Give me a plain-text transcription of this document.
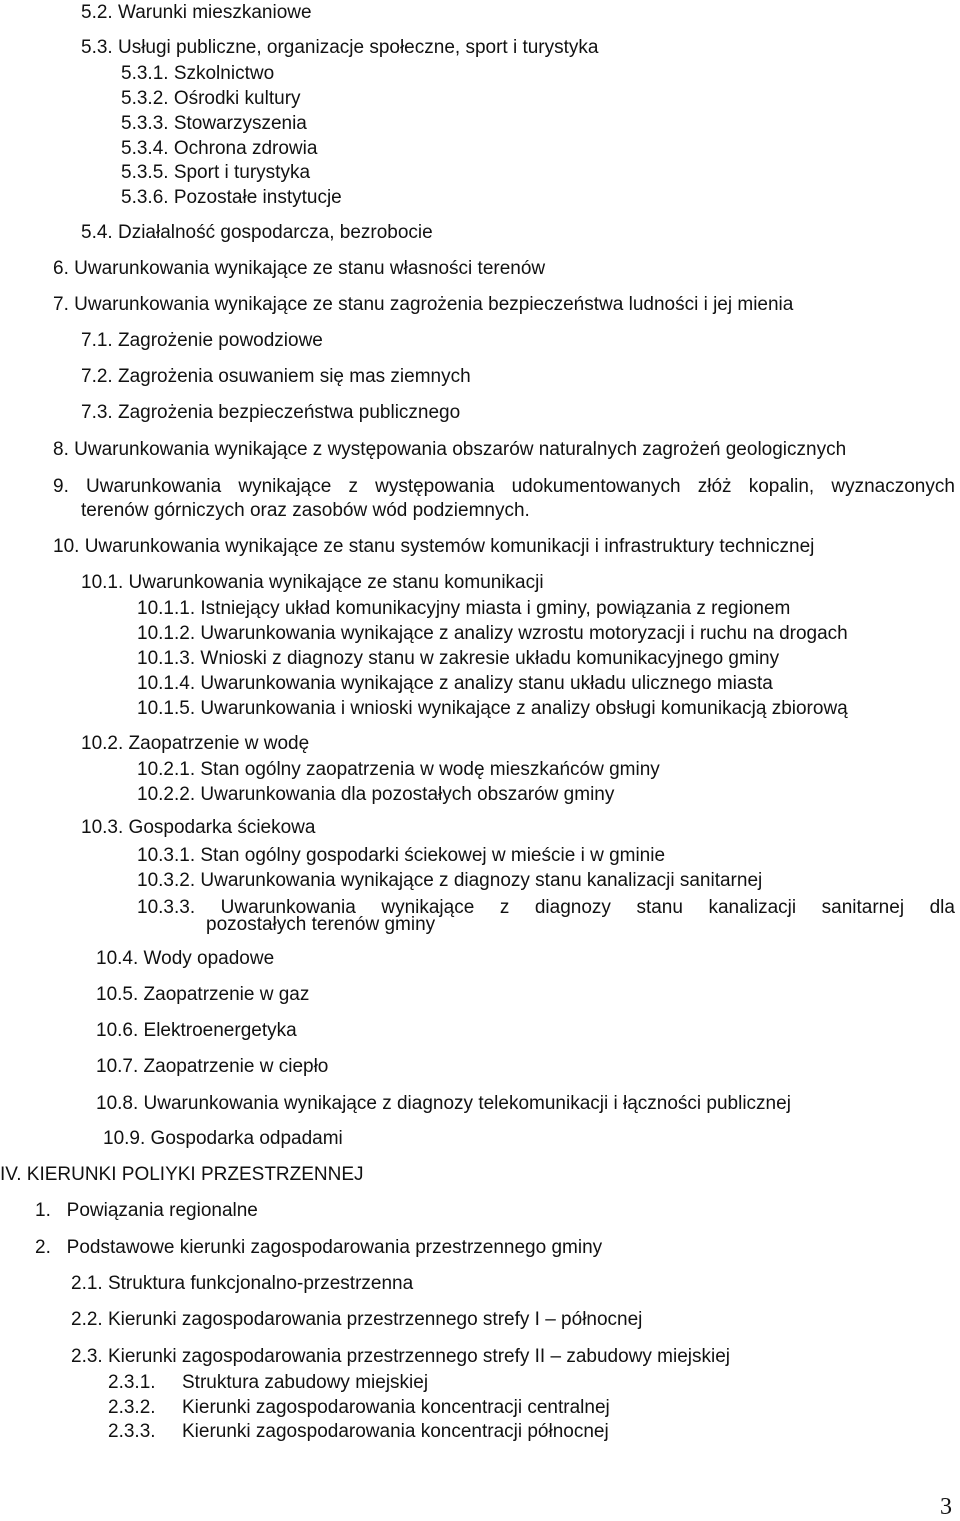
5.2. Warunki mieszkaniowe
5.3. Usługi publiczne, organizacje społeczne, sport i turystyka
5.3.1. Szkolnictwo
5.3.2. Ośrodki kultury
5.3.3. Stowarzyszenia
5.3.4. Ochrona zdrowia
5.3.5. Sport i turystyka
5.3.6. Pozostałe instytucje
5.4. Działalność gospodarcza, bezrobocie
6. Uwarunkowania wynikające ze stanu własności terenów
7. Uwarunkowania wynikające ze stanu zagrożenia bezpieczeństwa ludności i jej mienia
7.1. Zagrożenie powodziowe
7.2. Zagrożenia osuwaniem się mas ziemnych
7.3. Zagrożenia bezpieczeństwa publicznego
8. Uwarunkowania wynikające z występowania obszarów naturalnych zagrożeń geologicznych
9. Uwarunkowania wynikające z występowania udokumentowanych złóż kopalin, wyznaczonych
terenów górniczych oraz zasobów wód podziemnych.
10. Uwarunkowania wynikające ze stanu systemów komunikacji i infrastruktury technicznej
10.1. Uwarunkowania wynikające ze stanu komunikacji
10.1.1. Istniejący układ komunikacyjny miasta i gminy, powiązania z regionem
10.1.2. Uwarunkowania wynikające z analizy wzrostu motoryzacji i ruchu na drogach
10.1.3. Wnioski z diagnozy stanu w zakresie układu komunikacyjnego gminy
10.1.4. Uwarunkowania wynikające z analizy stanu układu ulicznego miasta
10.1.5. Uwarunkowania i wnioski wynikające z analizy obsługi komunikacją zbiorową
10.2. Zaopatrzenie w wodę
10.2.1. Stan ogólny zaopatrzenia w wodę mieszkańców gminy
10.2.2. Uwarunkowania dla pozostałych obszarów gminy
10.3. Gospodarka ściekowa
10.3.1. Stan ogólny gospodarki ściekowej w mieście i w gminie
10.3.2. Uwarunkowania wynikające z diagnozy stanu kanalizacji sanitarnej
10.3.3. Uwarunkowania wynikające z diagnozy stanu kanalizacji sanitarnej dla
pozostałych terenów gminy
10.4. Wody opadowe
10.5. Zaopatrzenie w gaz
10.6. Elektroenergetyka
10.7. Zaopatrzenie w ciepło
10.8. Uwarunkowania wynikające z diagnozy telekomunikacji i łączności publicznej
10.9. Gospodarka odpadami
IV. KIERUNKI POLIYKI PRZESTRZENNEJ
1.   Powiązania regionalne
2.   Podstawowe kierunki zagospodarowania przestrzennego gminy
2.1. Struktura funkcjonalno-przestrzenna
2.2. Kierunki zagospodarowania przestrzennego strefy I – północnej
2.3. Kierunki zagospodarowania przestrzennego strefy II – zabudowy miejskiej
2.3.1. Struktura zabudowy miejskiej
2.3.2. Kierunki zagospodarowania koncentracji centralnej
2.3.3. Kierunki zagospodarowania koncentracji północnej
3
